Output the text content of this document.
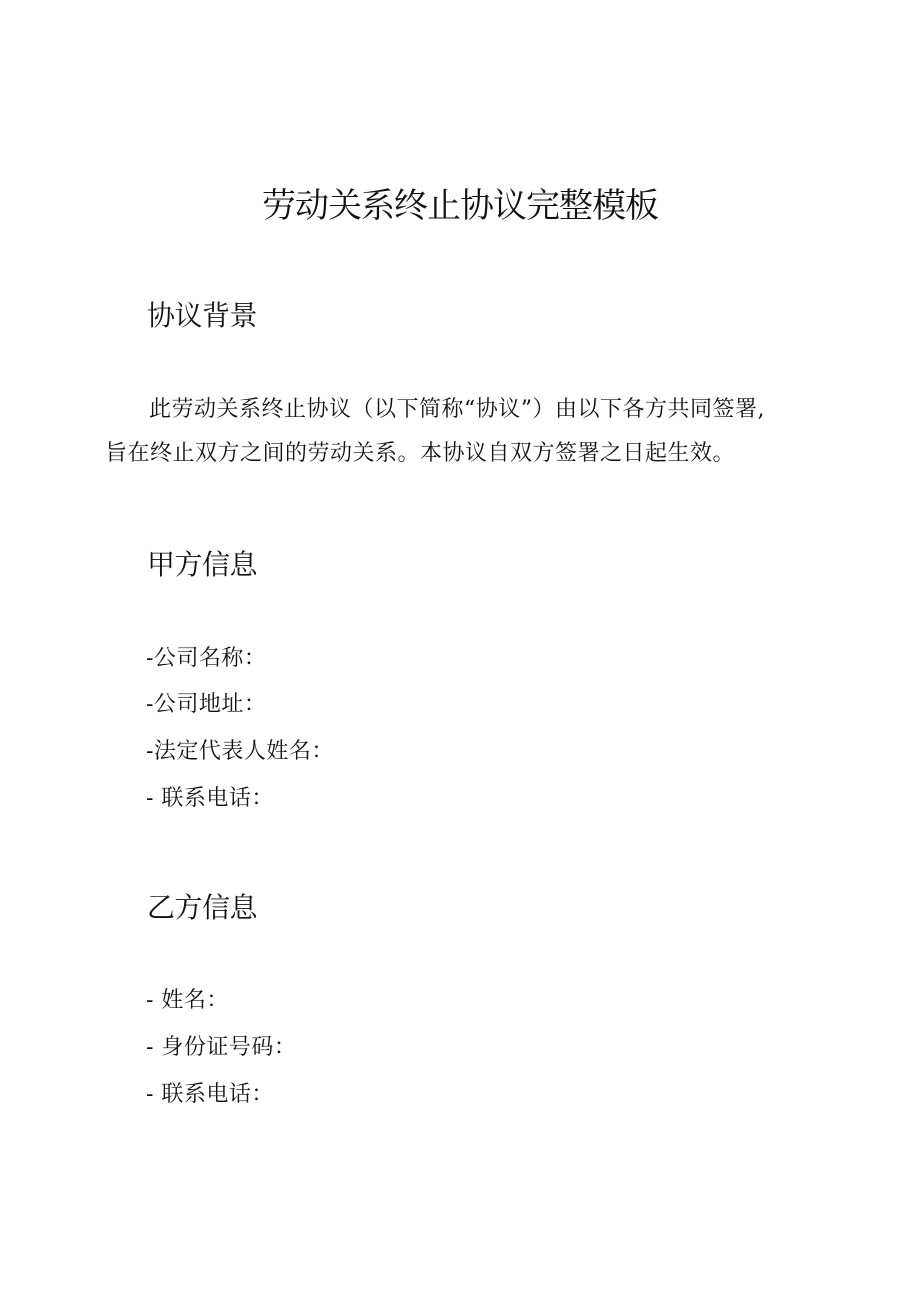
劳动关系终止协议完整模板
协议背景
此劳动关系终止协议（以下简称“协议”）由以下各方共同签署,
旨在终止双方之间的劳动关系。本协议自双方签署之日起生效。
甲方信息
-公司名称：
-公司地址：
-法定代表人姓名：
- 联系电话：
乙方信息
- 姓名：
- 身份证号码：
- 联系电话：
